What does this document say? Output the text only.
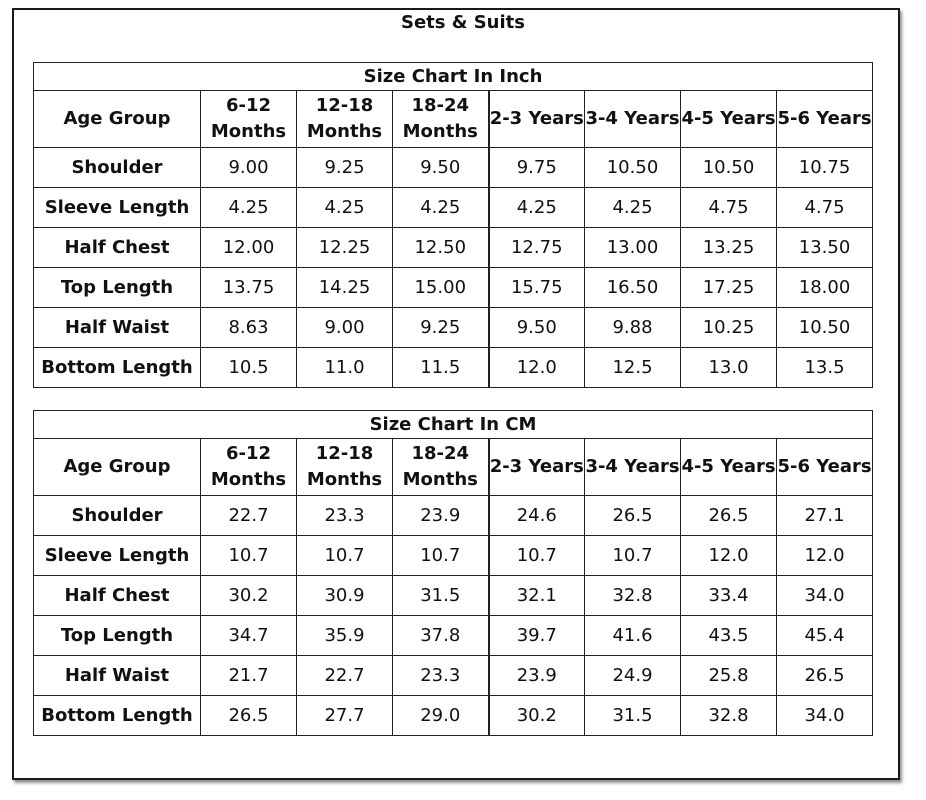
Sets & Suits
Size Chart In Inch							
Age Group	6-12 Months	12-18 Months	18-24 Months	2-3 Years	3-4 Years	4-5 Years	5-6 Years
Shoulder	9.00	9.25	9.50	9.75	10.50	10.50	10.75
Sleeve Length	4.25	4.25	4.25	4.25	4.25	4.75	4.75
Half Chest	12.00	12.25	12.50	12.75	13.00	13.25	13.50
Top Length	13.75	14.25	15.00	15.75	16.50	17.25	18.00
Half Waist	8.63	9.00	9.25	9.50	9.88	10.25	10.50
Bottom Length	10.5	11.0	11.5	12.0	12.5	13.0	13.5
Size Chart In CM							
Age Group	6-12 Months	12-18 Months	18-24 Months	2-3 Years	3-4 Years	4-5 Years	5-6 Years
Shoulder	22.7	23.3	23.9	24.6	26.5	26.5	27.1
Sleeve Length	10.7	10.7	10.7	10.7	10.7	12.0	12.0
Half Chest	30.2	30.9	31.5	32.1	32.8	33.4	34.0
Top Length	34.7	35.9	37.8	39.7	41.6	43.5	45.4
Half Waist	21.7	22.7	23.3	23.9	24.9	25.8	26.5
Bottom Length	26.5	27.7	29.0	30.2	31.5	32.8	34.0
